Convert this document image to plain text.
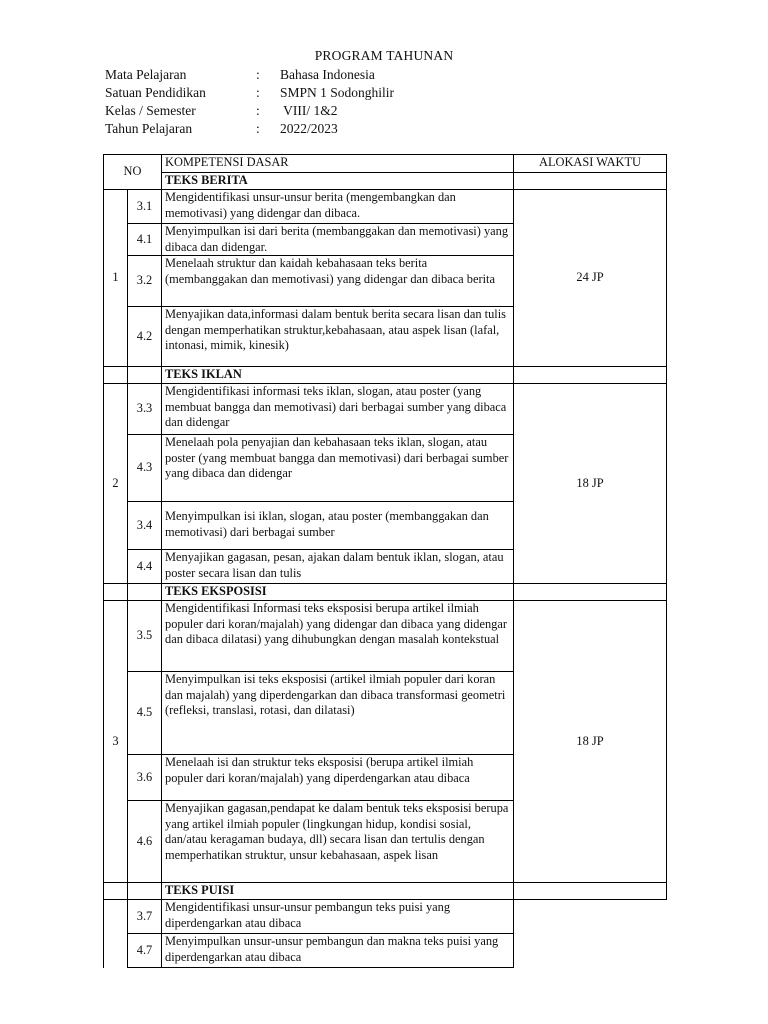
PROGRAM TAHUNAN
Mata Pelajaran	:	Bahasa Indonesia
Satuan Pendidikan	:	SMPN 1 Sodonghilir
Kelas / Semester	:	VIII/ 1&2
Tahun Pelajaran	:	2022/2023
NO		KOMPETENSI DASAR	ALOKASI WAKTU
		TEKS BERITA	
1	3.1	Mengidentifikasi unsur-unsur berita (mengembangkan dan memotivasi) yang didengar dan dibaca.	24 JP
	4.1	Menyimpulkan isi dari berita (membanggakan dan memotivasi) yang dibaca dan didengar.	

	3.2	Menelaah struktur dan kaidah kebahasaan teks berita (membanggakan dan memotivasi) yang didengar dan dibaca berita	

	4.2	Menyajikan data,informasi dalam bentuk berita secara lisan dan tulis dengan memperhatikan struktur,kebahasaan, atau aspek lisan (lafal, intonasi, mimik, kinesik)	

		TEKS IKLAN	
2	3.3	Mengidentifikasi informasi teks iklan, slogan, atau poster (yang membuat bangga dan memotivasi) dari berbagai sumber yang dibaca dan didengar	18 JP
	4.3	Menelaah pola penyajian dan kebahasaan teks iklan, slogan, atau poster (yang membuat bangga dan memotivasi) dari berbagai sumber yang dibaca dan didengar	

	3.4	Menyimpulkan isi iklan, slogan, atau poster (membanggakan dan memotivasi) dari berbagai sumber	

	4.4	Menyajikan gagasan, pesan, ajakan dalam bentuk iklan, slogan, atau poster secara lisan dan tulis	

		TEKS EKSPOSISI	
3	3.5	Mengidentifikasi Informasi teks eksposisi berupa artikel ilmiah populer dari koran/majalah) yang didengar dan dibaca yang didengar dan dibaca dilatasi) yang dihubungkan dengan masalah kontekstual	18 JP
	4.5	Menyimpulkan isi teks eksposisi (artikel ilmiah populer dari koran dan majalah) yang diperdengarkan dan dibaca transformasi geometri (refleksi, translasi, rotasi, dan dilatasi)	

	3.6	Menelaah isi dan struktur teks eksposisi (berupa artikel ilmiah populer dari koran/majalah) yang diperdengarkan atau dibaca	

	4.6	Menyajikan gagasan,pendapat ke dalam bentuk teks eksposisi berupa yang artikel ilmiah populer (lingkungan hidup, kondisi sosial, dan/atau keragaman budaya, dll) secara lisan dan tertulis dengan memperhatikan struktur, unsur kebahasaan, aspek lisan	

		TEKS PUISI	
	3.7	Mengidentifikasi unsur-unsur pembangun teks puisi yang diperdengarkan atau dibaca	

	4.7	Menyimpulkan unsur-unsur pembangun dan makna teks puisi yang diperdengarkan atau dibaca	
